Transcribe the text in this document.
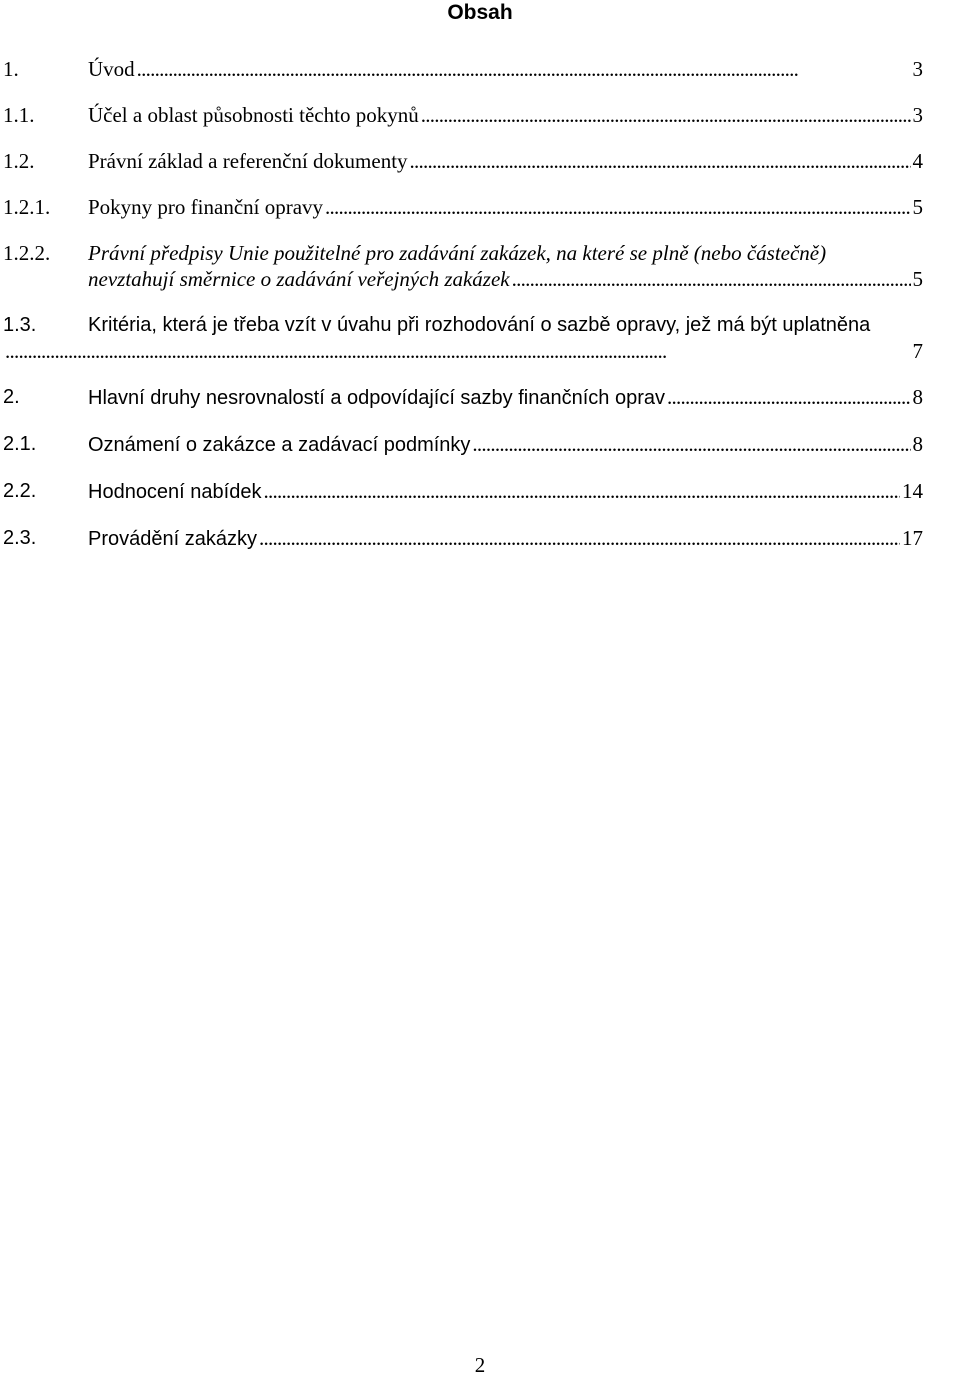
Obsah
1.	Úvod . . .	3
1.1.	Účel a oblast působnosti těchto pokynů . . .	3
1.2.	Právní základ a referenční dokumenty . . .	4
1.2.1. Pokyny pro finanční opravy . . .	5
1.2.2. Právní předpisy Unie použitelné pro zadávání zakázek, na které se plně (nebo částečně)
nevztahují směrnice o zadávání veřejných zakázek . . .	5
1.3.	Kritéria, která je třeba vzít v úvahu při rozhodování o sazbě opravy, jež má být uplatněna
. . .
7
2.	Hlavní druhy nesrovnalostí a odpovídající sazby finančních oprav . . .	8
2.1.	Oznámení o zakázce a zadávací podmínky . . .	8
2.2.	Hodnocení nabídek . . .	14
2.3.	Provádění zakázky . . .	17
2
